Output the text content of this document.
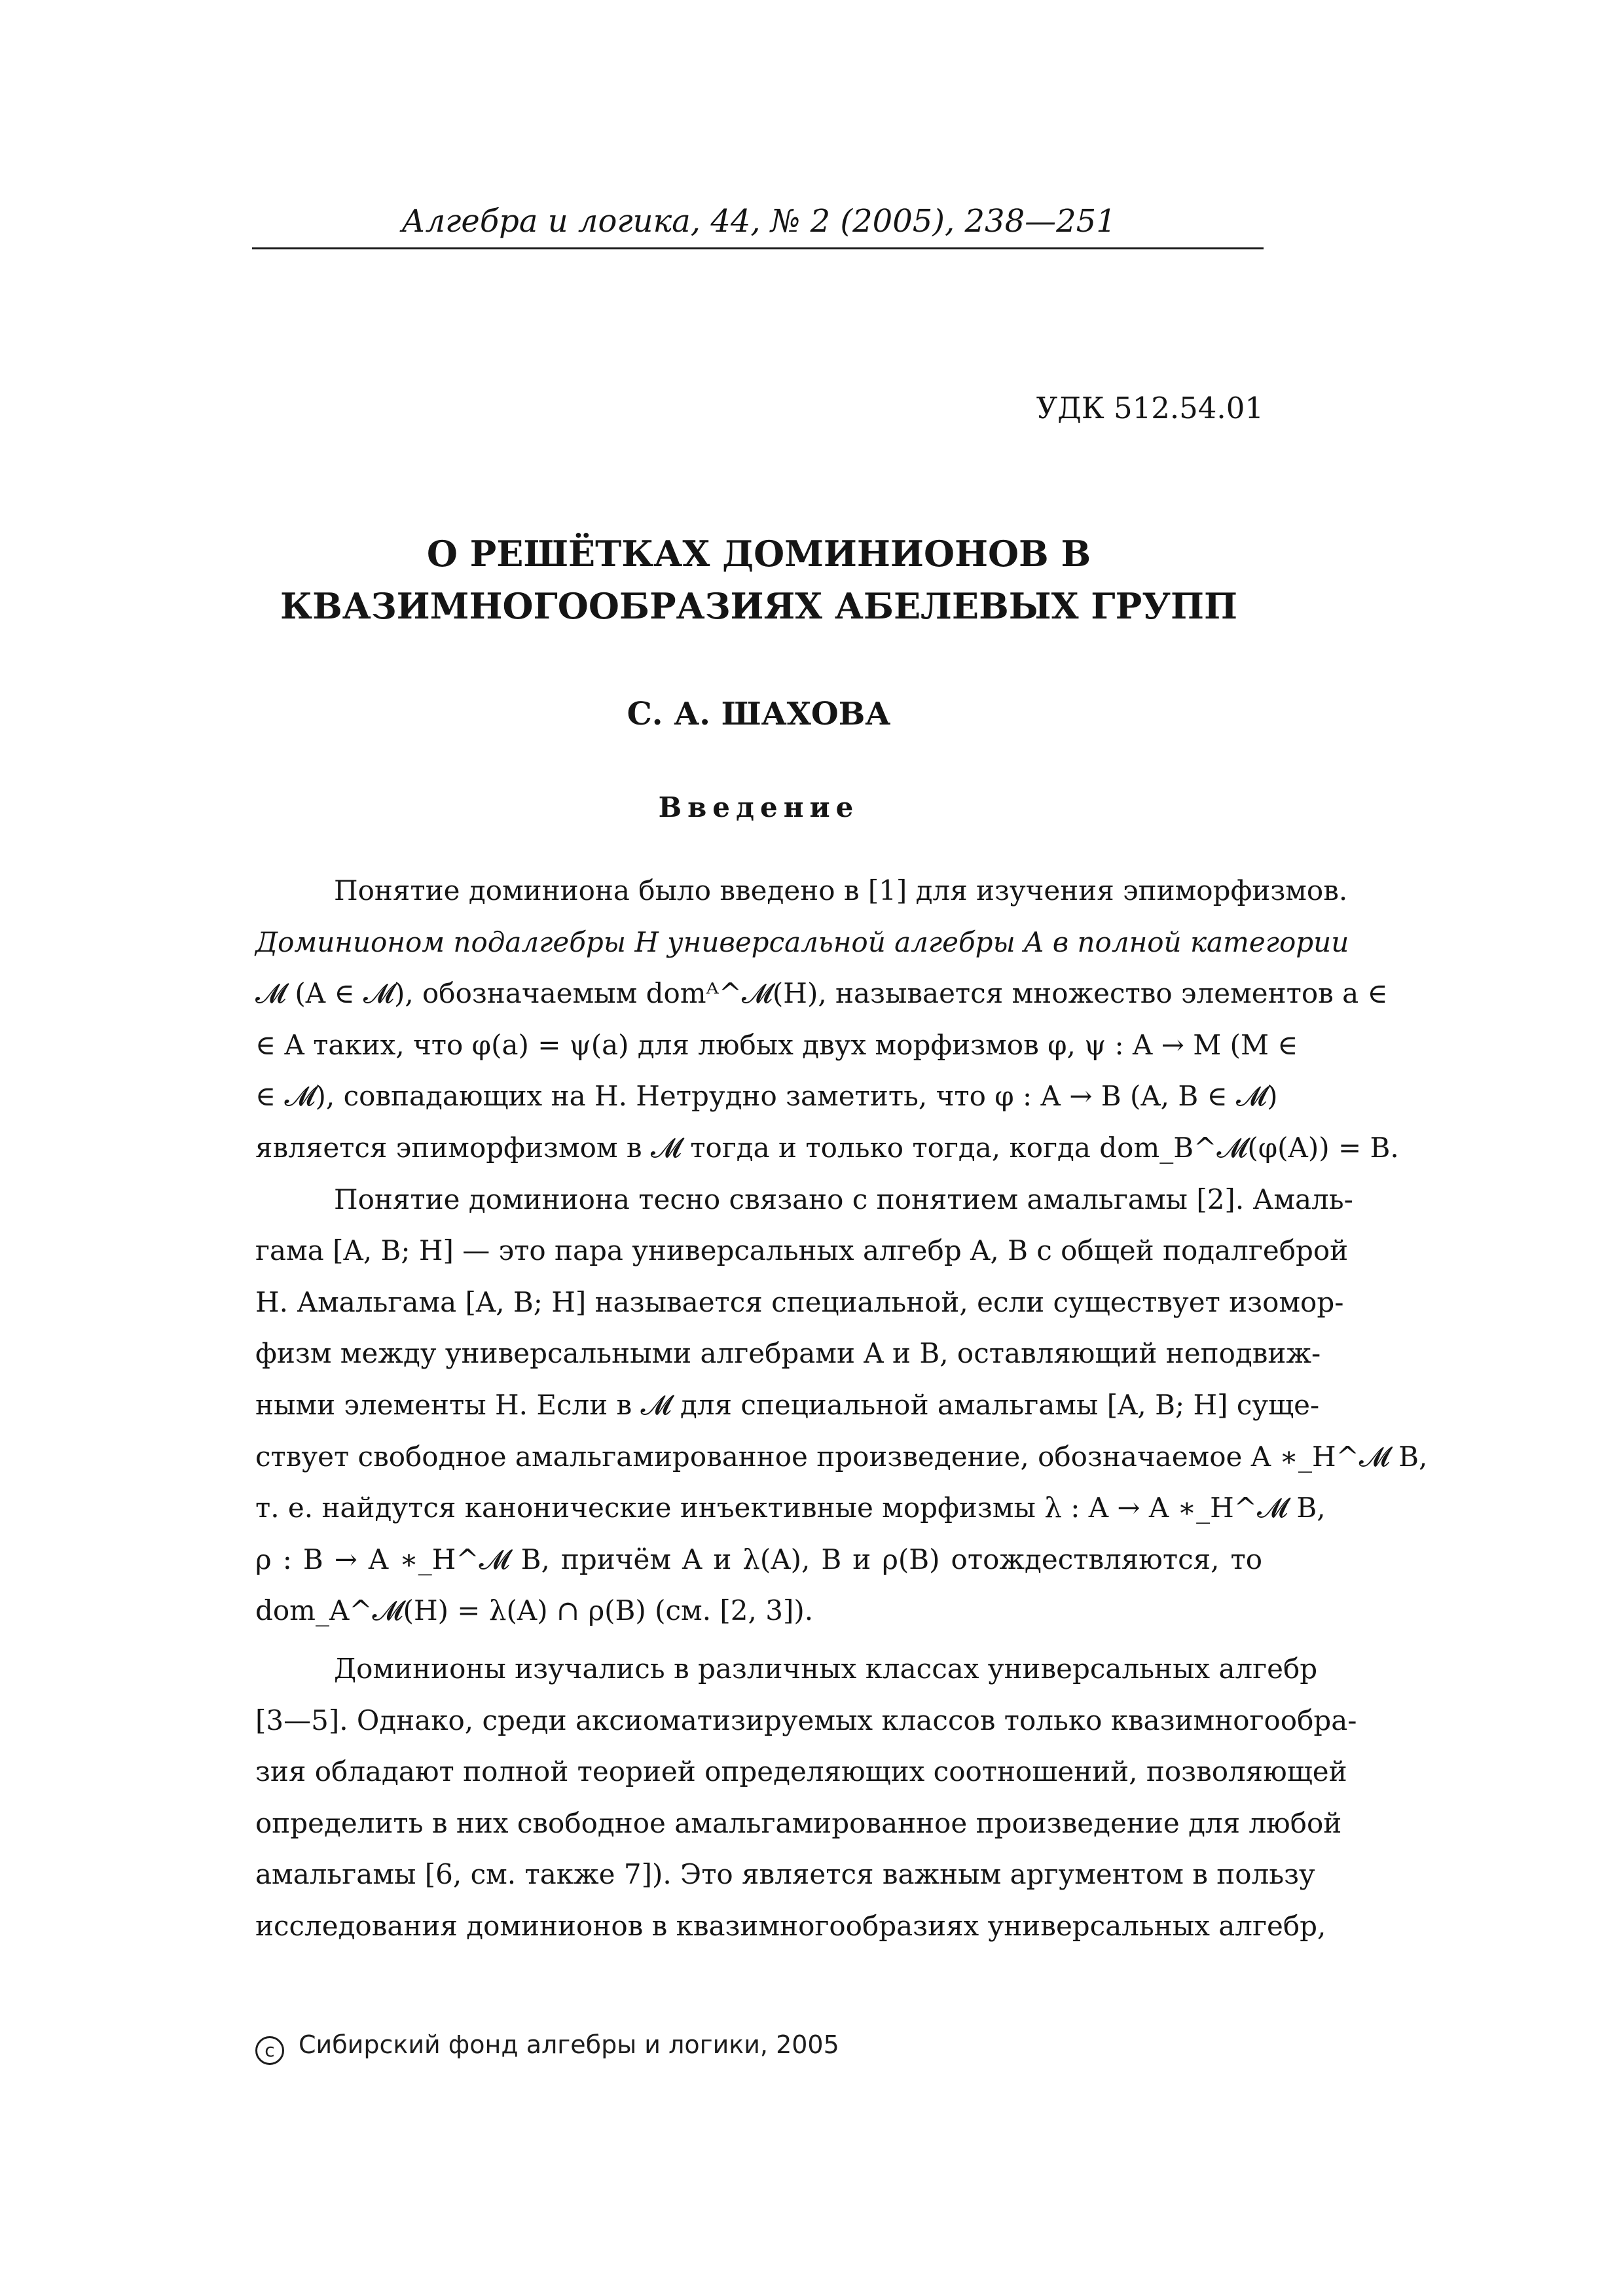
Алгебра и логика, 44, № 2 (2005), 238—251
УДК 512.54.01
О РЕШЁТКАХ ДОМИНИОНОВ В
КВАЗИМНОГООБРАЗИЯХ АБЕЛЕВЫХ ГРУПП
С. А. ШАХОВА
Введение
Понятие доминиона было введено в [1] для изучения эпиморфизмов.
Доминионом подалгебры H универсальной алгебры A в полной категории
𝓜 (A ∈ 𝓜), обозначаемым domᴬ^𝓜(H), называется множество элементов a ∈
∈ A таких, что φ(a) = ψ(a) для любых двух морфизмов φ, ψ : A → M (M ∈
∈ 𝓜), совпадающих на H. Нетрудно заметить, что φ : A → B (A, B ∈ 𝓜)
является эпиморфизмом в 𝓜 тогда и только тогда, когда dom_B^𝓜(φ(A)) = B.
Понятие доминиона тесно связано с понятием амальгамы [2]. Амаль-
гама [A, B; H] — это пара универсальных алгебр A, B с общей подалгеброй
H. Амальгама [A, B; H] называется специальной, если существует изомор-
физм между универсальными алгебрами A и B, оставляющий неподвиж-
ными элементы H. Если в 𝓜 для специальной амальгамы [A, B; H] суще-
ствует свободное амальгамированное произведение, обозначаемое A ∗_H^𝓜 B,
т. е. найдутся канонические инъективные морфизмы λ : A → A ∗_H^𝓜 B,
ρ : B → A ∗_H^𝓜 B, причём A и λ(A), B и ρ(B) отождествляются, то
dom_A^𝓜(H) = λ(A) ∩ ρ(B) (см. [2, 3]).
Доминионы изучались в различных классах универсальных алгебр
[3—5]. Однако, среди аксиоматизируемых классов только квазимногообра-
зия обладают полной теорией определяющих соотношений, позволяющей
определить в них свободное амальгамированное произведение для любой
амальгамы [6, см. также 7]). Это является важным аргументом в пользу
исследования доминионов в квазимногообразиях универсальных алгебр,
c Сибирский фонд алгебры и логики, 2005
